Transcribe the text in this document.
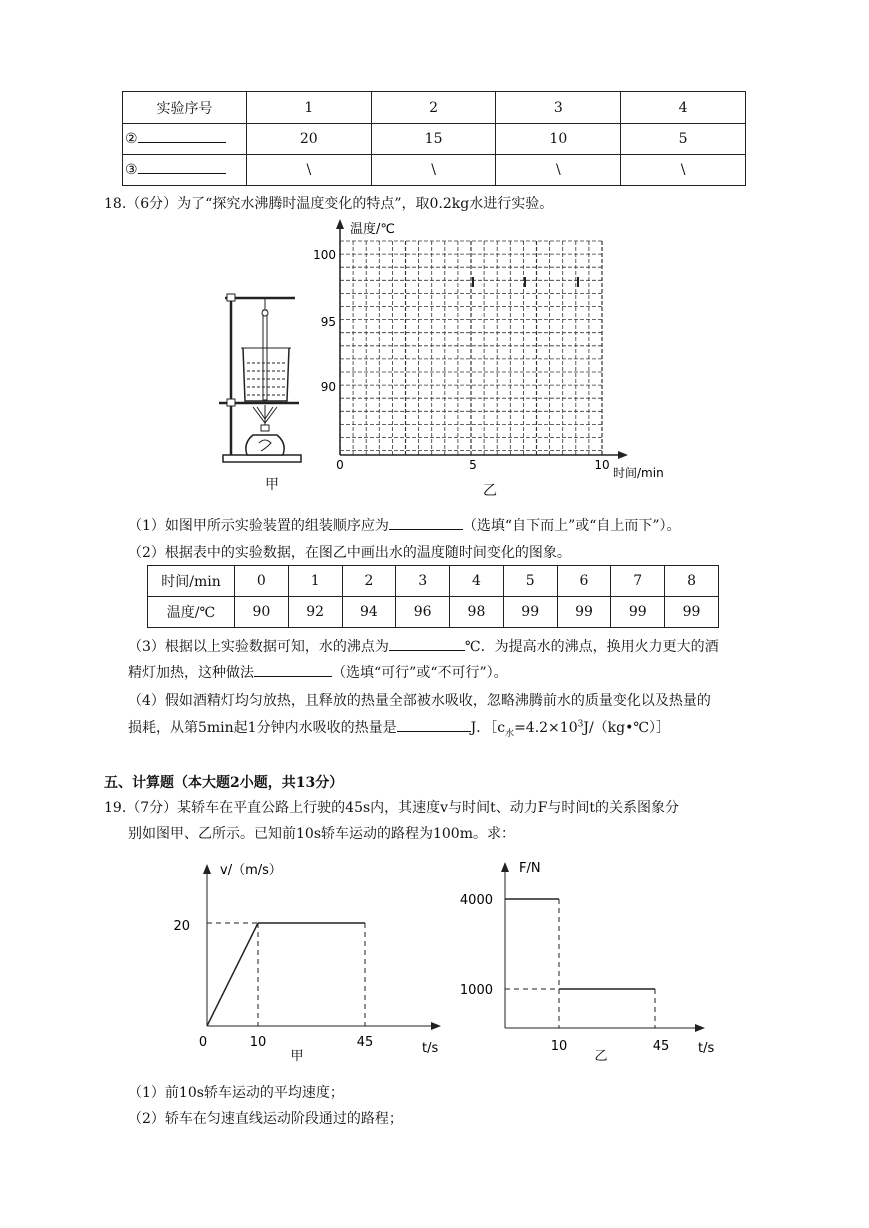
实验序号	1	2	3	4
②	20	15	10	5
③	\	\	\	\
18.（6分）为了“探究水沸腾时温度变化的特点”，取0.2kg水进行实验。
甲
温度/℃
时间/min
100
95
90
0	5	10
乙
（1）如图甲所示实验装置的组装顺序应为	（选填“自下而上”或“自上而下”）。
（2）根据表中的实验数据，在图乙中画出水的温度随时间变化的图象。
时间/min	0	1	2	3	4	5	6	7	8
温度/℃	90	92	94	96	98	99	99	99	99
（3）根据以上实验数据可知，水的沸点为	℃．为提高水的沸点，换用火力更大的酒
精灯加热，这种做法	（选填“可行”或“不可行”）。
（4）假如酒精灯均匀放热，且释放的热量全部被水吸收，忽略沸腾前水的质量变化以及热量的
损耗，从第5min起1分钟内水吸收的热量是	J．$[c_水=4.2\times 10^3J/(kg•℃)]$
五、计算题（本大题2小题，共13分）
19.（7分）某轿车在平直公路上行驶的45s内，其速度v与时间t、动力F与时间t的关系图象分
别如图甲、乙所示。已知前10s轿车运动的路程为100m。求：
v/（m/s）
t/s
20
0	10	45
甲
F/N
t/s
4000
1000
10	45
乙
（1）前10s轿车运动的平均速度；
（2）轿车在匀速直线运动阶段通过的路程；
